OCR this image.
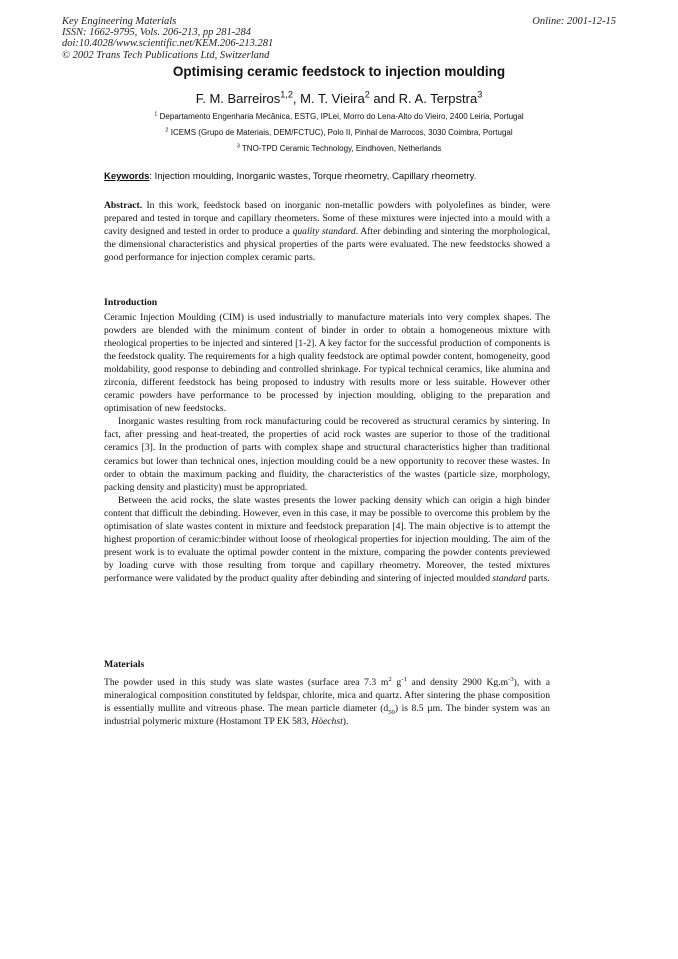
Key Engineering Materials
ISSN: 1662-9795, Vols. 206-213, pp 281-284
doi:10.4028/www.scientific.net/KEM.206-213.281
© 2002 Trans Tech Publications Ltd, Switzerland
Online: 2001-12-15
Optimising ceramic feedstock to injection moulding
F. M. Barreiros$^{1,2}$, M. T. Vieira$^2$ and R. A. Terpstra$^3$
$^1$ Departamento Engenharia Mecânica, ESTG, IPLei, Morro do Lena-Alto do Vieiro, 2400 Leiria, Portugal
$^2$ ICEMS (Grupo de Materiais, DEM/FCTUC), Polo II, Pinhal de Marrocos, 3030 Coimbra, Portugal
$^3$ TNO-TPD Ceramic Technology, Eindhoven, Netherlands
Keywords: Injection moulding, Inorganic wastes, Torque rheometry, Capillary rheometry.

Abstract. In this work, feedstock based on inorganic non-metallic powders with polyolefines as binder, were prepared and tested in torque and capillary rheometers. Some of these mixtures were injected into a mould with a cavity designed and tested in order to produce a quality standard. After debinding and sintering the morphological, the dimensional characteristics and physical properties of the parts were evaluated. The new feedstocks showed a good performance for injection complex ceramic parts.

Introduction

Ceramic Injection Moulding (CIM) is used industrially to manufacture materials into very complex shapes. The powders are blended with the minimum content of binder in order to obtain a homogeneous mixture with rheological properties to be injected and sintered [1-2]. A key factor for the successful production of components is the feedstock quality. The requirements for a high quality feedstock are optimal powder content, homogeneity, good moldability, good response to debinding and controlled shrinkage. For typical technical ceramics, like alumina and zirconia, different feedstock has being proposed to industry with results more or less suitable. However other ceramic powders have performance to be processed by injection moulding, obliging to the preparation and optimisation of new feedstocks.

Inorganic wastes resulting from rock manufacturing could be recovered as structural ceramics by sintering. In fact, after pressing and heat-treated, the properties of acid rock wastes are superior to those of the traditional ceramics [3]. In the production of parts with complex shape and structural characteristics higher than traditional ceramics but lower than technical ones, injection moulding could be a new opportunity to recover these wastes. In order to obtain the maximum packing and fluidity, the characteristics of the wastes (particle size, morphology, packing density and plasticity) must be appropriated.

Between the acid rocks, the slate wastes presents the lower packing density which can origin a high binder content that difficult the debinding. However, even in this case, it may be possible to overcome this problem by the optimisation of slate wastes content in mixture and feedstock preparation [4]. The main objective is to attempt the highest proportion of ceramic:binder without loose of rheological properties for injection moulding. The aim of the present work is to evaluate the optimal powder content in the mixture, comparing the powder contents previewed by loading curve with those resulting from torque and capillary rheometry. Moreover, the tested mixtures performance were validated by the product quality after debinding and sintering of injected moulded standard parts.

Materials

The powder used in this study was slate wastes (surface area 7.3 $m^2$ $g^{-1}$ and density 2900 $Kg.m^{-3}$), with a mineralogical composition constituted by feldspar, chlorite, mica and quartz. After sintering the phase composition is essentially mullite and vitreous phase. The mean particle diameter $(d_{50})$ is 8.5 µm. The binder system was an industrial polymeric mixture (Hostamont TP EK 583, Höechst).
